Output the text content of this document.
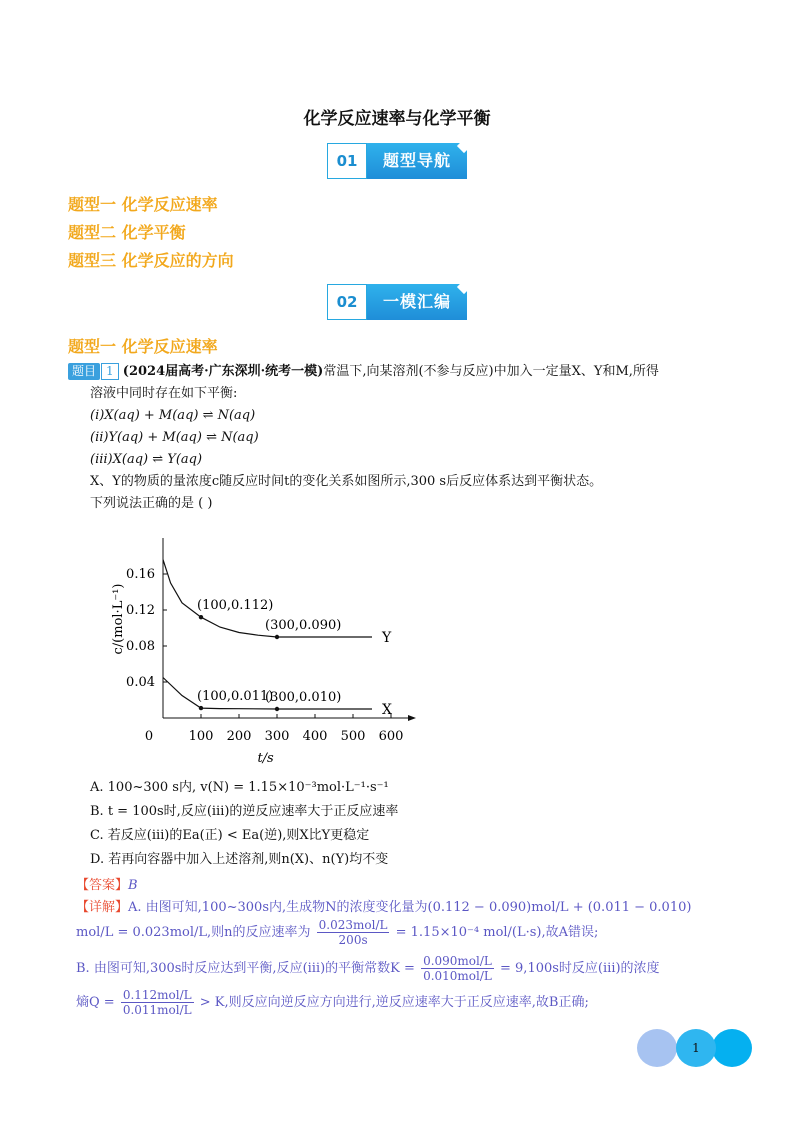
化学反应速率与化学平衡
01	题型导航
题型一 化学反应速率
题型二 化学平衡
题型三 化学反应的方向
02	一模汇编
题型一 化学反应速率
题目 1 (2024届高考·广东深圳·统考一模)常温下,向某溶剂(不参与反应)中加入一定量X、Y和M,所得
溶液中同时存在如下平衡:
(ⅰ)X(aq) + M(aq) ⇌ N(aq)
(ⅱ)Y(aq) + M(aq) ⇌ N(aq)
(ⅲ)X(aq) ⇌ Y(aq)
X、Y的物质的量浓度c随反应时间t的变化关系如图所示,300 s后反应体系达到平衡状态。
下列说法正确的是 ( )
0	100 200 300 400 500 600
0.04
0.08
0.12
0.16
t/s
c/(mol·L⁻¹)	Y
X
(100,0.112)
(300,0.090)
(100,0.011)
(300,0.010)
A. 100~300 s内, v(N) = 1.15×10⁻³mol·L⁻¹·s⁻¹
B. t = 100s时,反应(ⅲ)的逆反应速率大于正反应速率
C. 若反应(ⅲ)的Ea(正) < Ea(逆),则X比Y更稳定
D. 若再向容器中加入上述溶剂,则n(X)、n(Y)均不变
【答案】B
【详解】A. 由图可知,100~300s内,生成物N的浓度变化量为(0.112 − 0.090)mol/L + (0.011 − 0.010)
mol/L = 0.023mol/L,则n的反应速率为 $\frac{\text{0.023mol/L}}{200s} = 1.15\times 10^{-4}$ mol/(L·s),故A错误;
B. 由图可知,300s时反应达到平衡,反应(ⅲ)的平衡常数$K = \frac{\text{0.090mol/L}}{\text{0.010mol/L}} = 9,100s$时反应(ⅲ)的浓度
熵$Q = \frac{\text{0.112mol/L}}{\text{0.011mol/L}} > K$,则反应向逆反应方向进行,逆反应速率大于正反应速率,故B正确;
1
